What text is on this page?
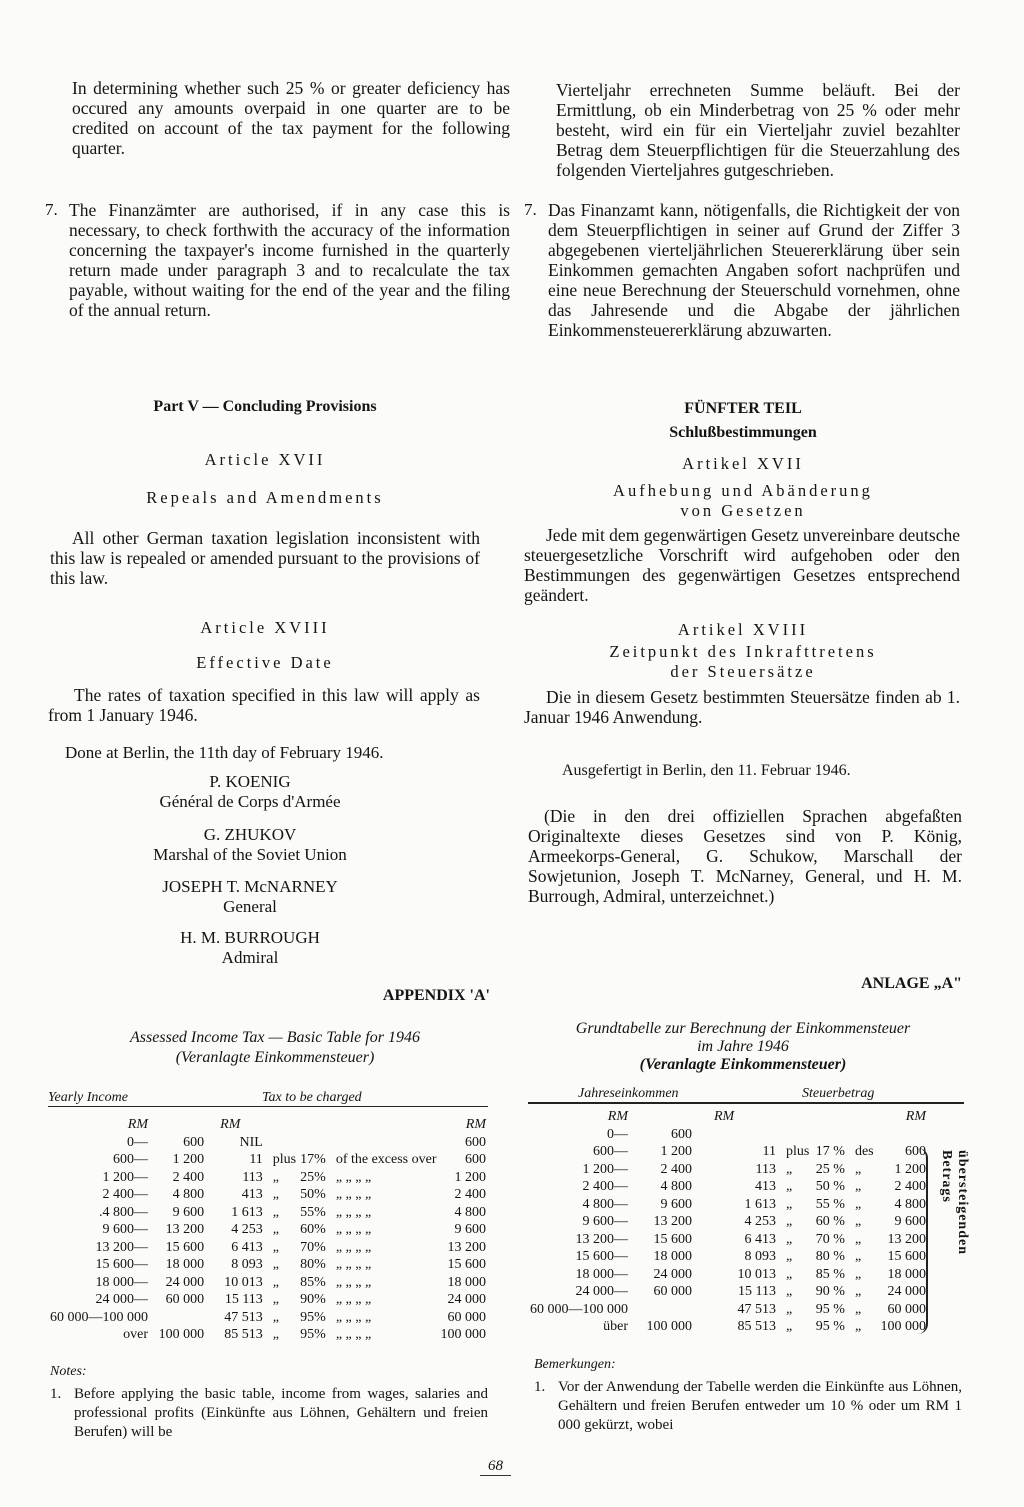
In determining whether such 25 % or greater deficiency has occured any amounts overpaid in one quarter are to be credited on account of the tax payment for the following quarter.

7. The Finanzämter are authorised, if in any case this is necessary, to check forthwith the accuracy of the information concerning the taxpayer's income furnished in the quarterly return made under paragraph 3 and to recalculate the tax payable, without waiting for the end of the year and the filing of the annual return.

Part V — Concluding Provisions
Article XVII
Repeals and Amendments

All other German taxation legislation inconsistent with this law is repealed or amended pursuant to the provisions of this law.

Article XVIII
Effective Date

The rates of taxation specified in this law will apply as from 1 January 1946.

Done at Berlin, the 11th day of February 1946.
P. KOENIG
Général de Corps d'Armée
G. ZHUKOV
Marshal of the Soviet Union
JOSEPH T. McNARNEY
General
H. M. BURROUGH
Admiral
APPENDIX 'A'
Assessed Income Tax — Basic Table for 1946
(Veranlagte Einkommensteuer)
Yearly Income	Tax to be charged
RM		RM				RM
0—	600	NIL				600
600—	1 200	11	plus	17%	of the excess over	600
1 200—	2 400	113	„	25%	„ „ „ „	1 200
2 400—	4 800	413	„	50%	„ „ „ „	2 400
.4 800—	9 600	1 613	„	55%	„ „ „ „	4 800
9 600—	13 200	4 253	„	60%	„ „ „ „	9 600
13 200—	15 600	6 413	„	70%	„ „ „ „	13 200
15 600—	18 000	8 093	„	80%	„ „ „ „	15 600
18 000—	24 000	10 013	„	85%	„ „ „ „	18 000
24 000—	60 000	15 113	„	90%	„ „ „ „	24 000
60 000—100 000		47 513	„	95%	„ „ „ „	60 000
over	100 000	85 513	„	95%	„ „ „ „	100 000
Notes:
1. Before applying the basic table, income from wages, salaries and professional profits (Einkünfte aus Löhnen, Gehältern und freien Berufen) will be

Vierteljahr errechneten Summe beläuft. Bei der Ermittlung, ob ein Minderbetrag von 25 % oder mehr besteht, wird ein für ein Vierteljahr zuviel bezahlter Betrag dem Steuerpflichtigen für die Steuerzahlung des folgenden Vierteljahres gutgeschrieben.

7. Das Finanzamt kann, nötigenfalls, die Richtigkeit der von dem Steuerpflichtigen in seiner auf Grund der Ziffer 3 abgegebenen vierteljährlichen Steuererklärung über sein Einkommen gemachten Angaben sofort nachprüfen und eine neue Berechnung der Steuerschuld vornehmen, ohne das Jahresende und die Abgabe der jährlichen Einkommensteuererklärung abzuwarten.

FÜNFTER TEIL
Schlußbestimmungen
Artikel XVII
Aufhebung und Abänderung
von Gesetzen

Jede mit dem gegenwärtigen Gesetz unvereinbare deutsche steuergesetzliche Vorschrift wird aufgehoben oder den Bestimmungen des gegenwärtigen Gesetzes entsprechend geändert.

Artikel XVIII
Zeitpunkt des Inkrafttretens
der Steuersätze

Die in diesem Gesetz bestimmten Steuersätze finden ab 1. Januar 1946 Anwendung.

Ausgefertigt in Berlin, den 11. Februar 1946.

(Die in den drei offiziellen Sprachen abgefaßten Originaltexte dieses Gesetzes sind von P. König, Armeekorps-General, G. Schukow, Marschall der Sowjetunion, Joseph T. McNarney, General, und H. M. Burrough, Admiral, unterzeichnet.)

ANLAGE „A"
Grundtabelle zur Berechnung der Einkommensteuer
im Jahre 1946
(Veranlagte Einkommensteuer)
Jahreseinkommen	Steuerbetrag
RM		RM				RM
0—	600					
600—	1 200	11	plus	17 %	des	600
1 200—	2 400	113	„	25 %	„	1 200
2 400—	4 800	413	„	50 %	„	2 400
4 800—	9 600	1 613	„	55 %	„	4 800
9 600—	13 200	4 253	„	60 %	„	9 600
13 200—	15 600	6 413	„	70 %	„	13 200
15 600—	18 000	8 093	„	80 %	„	15 600
18 000—	24 000	10 013	„	85 %	„	18 000
24 000—	60 000	15 113	„	90 %	„	24 000
60 000—100 000		47 513	„	95 %	„	60 000
über	100 000	85 513	„	95 %	„	100 000
übersteigenden Betrags
Bemerkungen:
1. Vor der Anwendung der Tabelle werden die Einkünfte aus Löhnen, Gehältern und freien Berufen entweder um 10 % oder um RM 1 000 gekürzt, wobei

68
